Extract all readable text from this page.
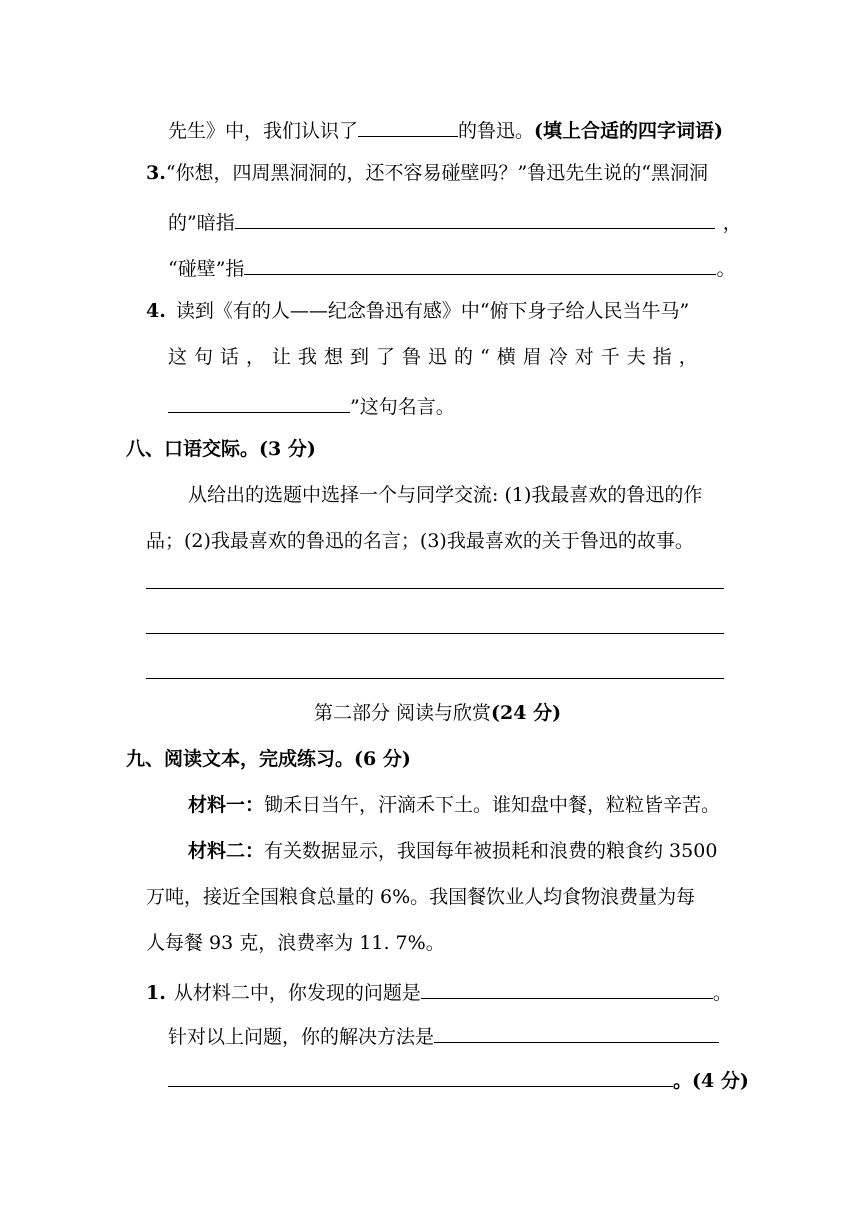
先生》中，我们认识了	的鲁迅。(填上合适的四字词语)
3.“你想，四周黑洞洞的，还不容易碰壁吗？”鲁迅先生说的“黑洞洞
的”暗指	，
“碰壁”指	。
4. 读到《有的人——纪念鲁迅有感》中“俯下身子给人民当牛马”
这句话，让我想到了鲁迅的“横眉冷对千夫指，
”这句名言。
八、口语交际。(3 分)
从给出的选题中选择一个与同学交流: (1)我最喜欢的鲁迅的作
品；(2)我最喜欢的鲁迅的名言；(3)我最喜欢的关于鲁迅的故事。
第二部分 阅读与欣赏(24 分)
九、阅读文本，完成练习。(6 分)
材料一：锄禾日当午，汗滴禾下土。谁知盘中餐，粒粒皆辛苦。
材料二：有关数据显示，我国每年被损耗和浪费的粮食约 3500
万吨，接近全国粮食总量的 6%。我国餐饮业人均食物浪费量为每
人每餐 93 克，浪费率为 11. 7%。
1. 从材料二中，你发现的问题是	。
针对以上问题，你的解决方法是
。(4 分)
